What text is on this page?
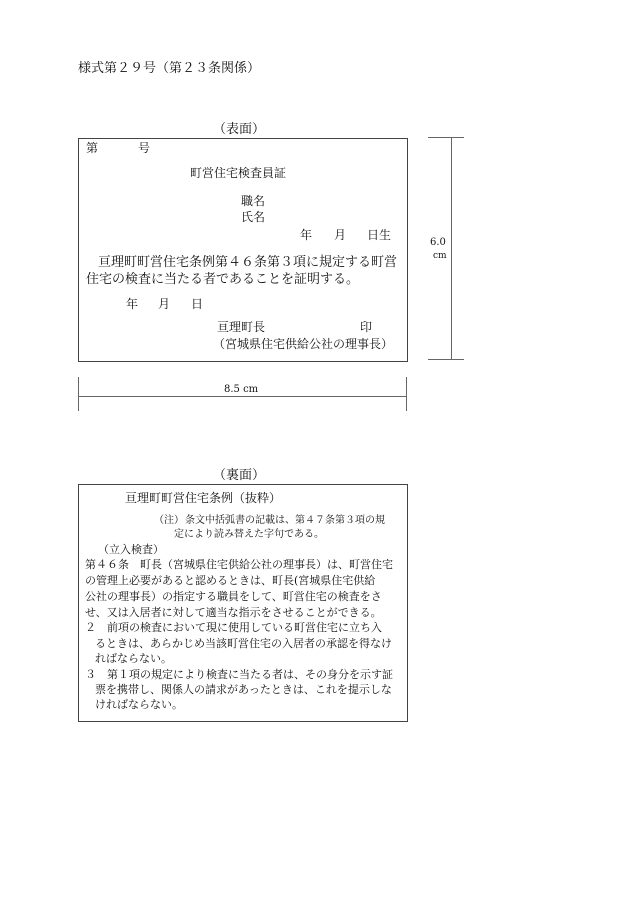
様式第２９号（第２３条関係）
（表面）
第	号
町営住宅検査員証
職名
氏名
年 月 日生
亘理町町営住宅条例第４６条第３項に規定する町営
住宅の検査に当たる者であることを証明する。
年 月 日
亘理町長	印
（宮城県住宅供給公社の理事長）
6.0
cm
8.5 cm
（裏面）
亘理町町営住宅条例（抜粋）
（注） 条文中括弧書の記載は、第４７条第３項の規
定により読み替えた字句である。
（立入検査）
第４６条　町長（宮城県住宅供給公社の理事長）は、町営住宅
の管理上必要があると認めるときは、町長(宮城県住宅供給
公社の理事長）の指定する職員をして、町営住宅の検査をさ
せ、又は入居者に対して適当な指示をさせることができる。
２　前項の検査において現に使用している町営住宅に立ち入
るときは、あらかじめ当該町営住宅の入居者の承認を得なけ
ればならない。
３　第１項の規定により検査に当たる者は、その身分を示す証
票を携帯し、関係人の請求があったときは、これを提示しな
ければならない。
